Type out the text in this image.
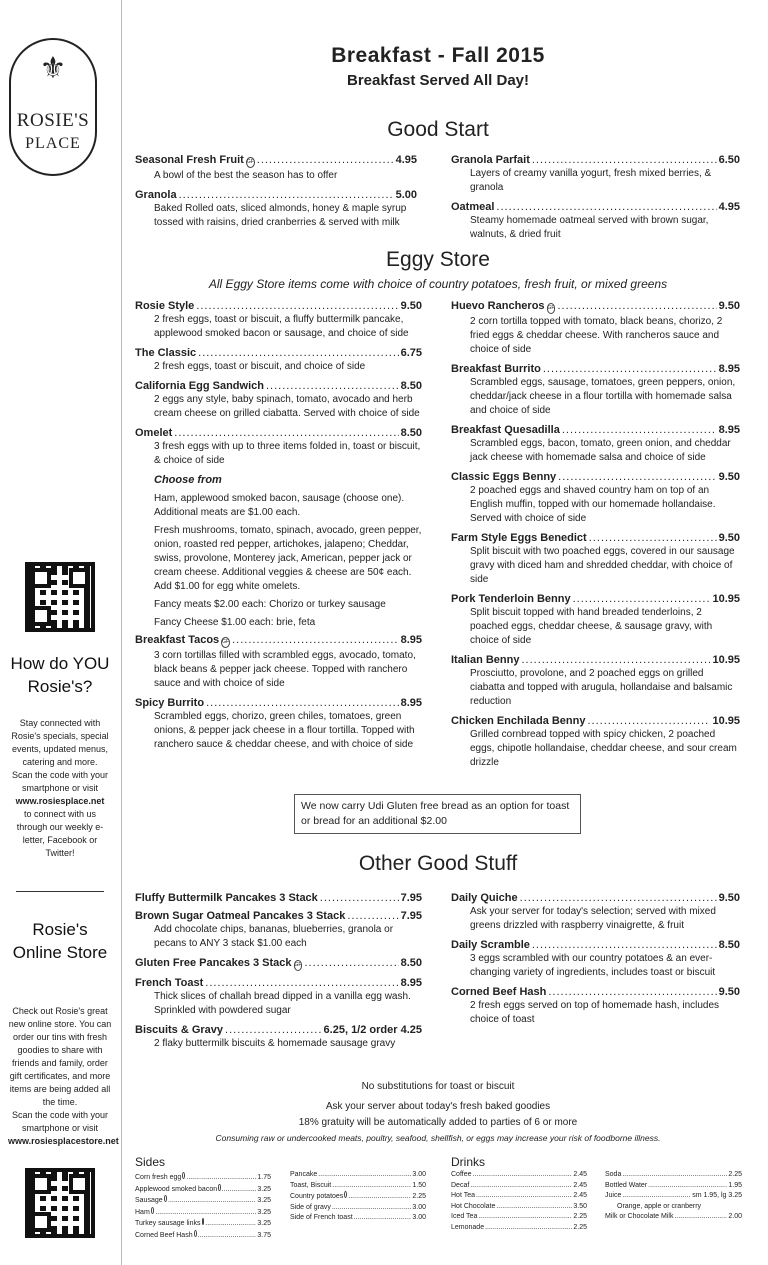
⚜
ROSIE'S
PLACE
How do YOU Rosie's?
Stay connected with Rosie's specials, special events, updated menus, catering and more.
Scan the code with your smartphone or visit
www.rosiesplace.net
to connect with us through our weekly e-letter, Facebook or Twitter!
Rosie's Online Store
Check out Rosie's great new online store. You can order our tins with fresh goodies to share with friends and family, order gift certificates, and more items are being added all the time.
Scan the code with your smartphone or visit
www.rosiesplacestore.net
Breakfast - Fall 2015
Breakfast Served All Day!
Good Start
Seasonal Fresh Fruit GF .....	4.95
A bowl of the best the season has to offer
Granola .....	5.00
Baked Rolled oats, sliced almonds, honey & maple syrup tossed with raisins, dried cranberries & served with milk
Granola Parfait .....	6.50
Layers of creamy vanilla yogurt, fresh mixed berries, & granola
Oatmeal .....	4.95
Steamy homemade oatmeal served with brown sugar, walnuts, & dried fruit
Eggy Store
All Eggy Store items come with choice of country potatoes, fresh fruit, or mixed greens
Rosie Style .....	9.50
2 fresh eggs, toast or biscuit, a fluffy buttermilk pancake, applewood smoked bacon or sausage, and choice of side
The Classic .....	6.75
2 fresh eggs, toast or biscuit, and choice of side
California Egg Sandwich .....	8.50
2 eggs any style, baby spinach, tomato, avocado and herb cream cheese on grilled ciabatta. Served with choice of side
Omelet .....	8.50
3 fresh eggs with up to three items folded in, toast or biscuit, & choice of side
Choose from
Ham, applewood smoked bacon, sausage (choose one). Additional meats are $1.00 each.
Fresh mushrooms, tomato, spinach, avocado, green pepper, onion, roasted red pepper, artichokes, jalapeno; Cheddar, swiss, provolone, Monterey jack, American, pepper jack or cream cheese. Additional veggies & cheese are 50¢ each. Add $1.00 for egg white omelets.
Fancy meats $2.00 each: Chorizo or turkey sausage
Fancy Cheese $1.00 each: brie, feta
Breakfast Tacos GF .....	8.95
3 corn tortillas filled with scrambled eggs, avocado, tomato, black beans & pepper jack cheese. Topped with ranchero sauce and with choice of side
Spicy Burrito .....	8.95
Scrambled eggs, chorizo, green chiles, tomatoes, green onions, & pepper jack cheese in a flour tortilla. Topped with ranchero sauce & cheddar cheese, and with choice of side
Huevo Rancheros GF .....	9.50
2 corn tortilla topped with tomato, black beans, chorizo, 2 fried eggs & cheddar cheese. With rancheros sauce and choice of side
Breakfast Burrito .....	8.95
Scrambled eggs, sausage, tomatoes, green peppers, onion, cheddar/jack cheese in a flour tortilla with homemade salsa and choice of side
Breakfast Quesadilla .....	8.95
Scrambled eggs, bacon, tomato, green onion, and cheddar jack cheese with homemade salsa and choice of side
Classic Eggs Benny .....	9.50
2 poached eggs and shaved country ham on top of an English muffin, topped with our homemade hollandaise. Served with choice of side
Farm Style Eggs Benedict .....	9.50
Split biscuit with two poached eggs, covered in our sausage gravy with diced ham and shredded cheddar, with choice of side
Pork Tenderloin Benny .....	10.95
Split biscuit topped with hand breaded tenderloins, 2 poached eggs, cheddar cheese, & sausage gravy, with choice of side
Italian Benny .....	10.95
Prosciutto, provolone, and 2 poached eggs on grilled ciabatta and topped with arugula, hollandaise and balsamic reduction
Chicken Enchilada Benny .....	10.95
Grilled cornbread topped with spicy chicken, 2 poached eggs, chipotle hollandaise, cheddar cheese, and sour cream drizzle
We now carry Udi Gluten free bread as an option for toast or bread for an additional $2.00
Other Good Stuff
Fluffy Buttermilk Pancakes 3 Stack .....	7.95
Brown Sugar Oatmeal Pancakes 3 Stack .....	7.95
Add chocolate chips, bananas, blueberries, granola or pecans to ANY 3 stack $1.00 each
Gluten Free Pancakes 3 Stack GF .....	8.50
French Toast .....	8.95
Thick slices of challah bread dipped in a vanilla egg wash. Sprinkled with powdered sugar
Biscuits & Gravy .....	6.25, 1/2 order 4.25
2 flaky buttermilk biscuits & homemade sausage gravy
Daily Quiche .....	9.50
Ask your server for today's selection; served with mixed greens drizzled with raspberry vinaigrette, & fruit
Daily Scramble .....	8.50
3 eggs scrambled with our country potatoes & an ever-changing variety of ingredients, includes toast or biscuit
Corned Beef Hash .....	9.50
2 fresh eggs served on top of homemade hash, includes choice of toast
No substitutions for toast or biscuit
Ask your server about today's fresh baked goodies
18% gratuity will be automatically added to parties of 6 or more
Consuming raw or undercooked meats, poultry, seafood, shellfish, or eggs may increase your risk of foodborne illness.
Sides
Corn fresh egg .....	1.75
Applewood smoked bacon .....	3.25
Sausage .....	3.25
Ham .....	3.25
Turkey sausage links .....	3.25
Corned Beef Hash .....	3.75
Pancake .....	3.00
Toast, Biscuit .....	1.50
Country potatoes .....	2.25
Side of gravy .....	3.00
Side of French toast .....	3.00
Drinks
Coffee .....	2.45
Decaf .....	2.45
Hot Tea .....	2.45
Hot Chocolate .....	3.50
Iced Tea .....	2.25
Lemonade .....	2.25
Soda .....	2.25
Bottled Water .....	1.95
Juice .....	sm 1.95, lg 3.25
Orange, apple or cranberry
Milk or Chocolate Milk .....	2.00
